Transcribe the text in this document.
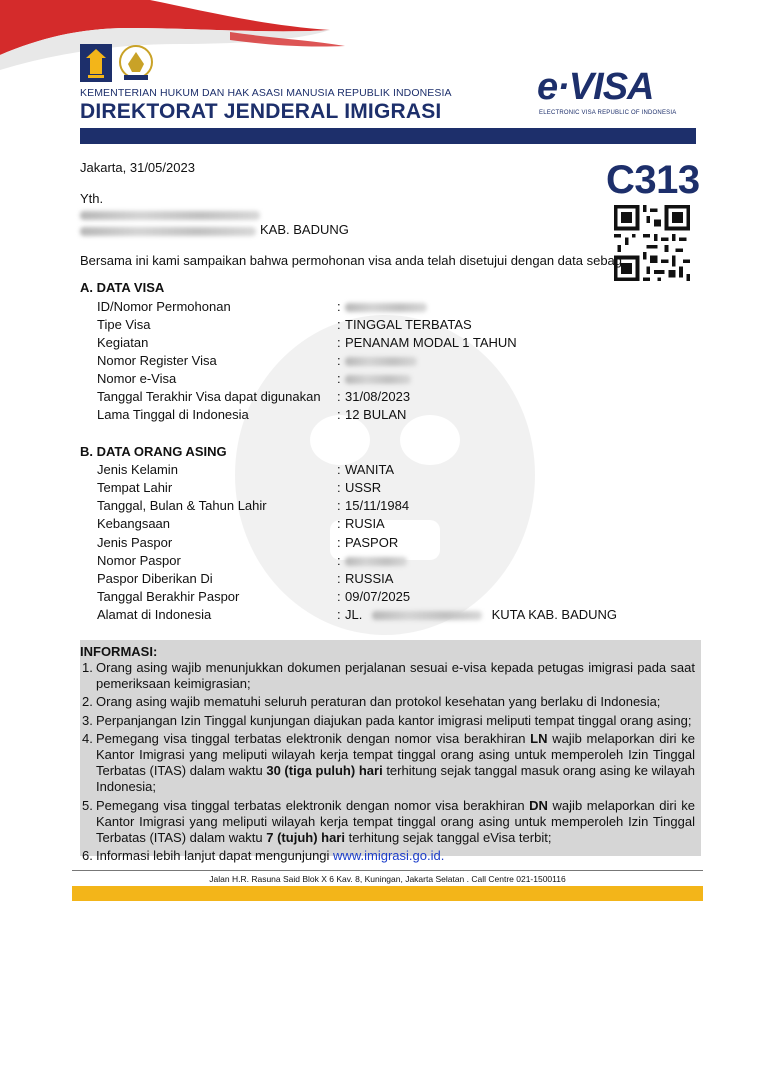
KEMENTERIAN HUKUM DAN HAK ASASI MANUSIA REPUBLIK INDONESIA
DIREKTORAT JENDERAL IMIGRASI
e·VISA
ELECTRONIC VISA REPUBLIC OF INDONESIA
Jakarta, 31/05/2023	C313
Yth.
KAB. BADUNG
Bersama ini kami sampaikan bahwa permohonan visa anda telah disetujui dengan data sebag
A. DATA VISA
ID/Nomor Permohonan	:
Tipe Visa	: TINGGAL TERBATAS
Kegiatan	: PENANAM MODAL 1 TAHUN
Nomor Register Visa	:
Nomor e-Visa	:
Tanggal Terakhir Visa dapat digunakan : 31/08/2023
Lama Tinggal di Indonesia	: 12 BULAN
B. DATA ORANG ASING
Jenis Kelamin	: WANITA
Tempat Lahir	: USSR
Tanggal, Bulan & Tahun Lahir	: 15/11/1984
Kebangsaan	: RUSIA
Jenis Paspor	: PASPOR
Nomor Paspor	:
Paspor Diberikan Di	: RUSSIA
Tanggal Berakhir Paspor	: 09/07/2025
Alamat di Indonesia	: JL.	KUTA KAB. BADUNG
INFORMASI:
1. Orang asing wajib menunjukkan dokumen perjalanan sesuai e-visa kepada petugas imigrasi pada saat pemeriksaan keimigrasian;
2. Orang asing wajib mematuhi seluruh peraturan dan protokol kesehatan yang berlaku di Indonesia;
3. Perpanjangan Izin Tinggal kunjungan diajukan pada kantor imigrasi meliputi tempat tinggal orang asing;
4. Pemegang visa tinggal terbatas elektronik dengan nomor visa berakhiran LN wajib melaporkan diri ke Kantor Imigrasi yang meliputi wilayah kerja tempat tinggal orang asing untuk memperoleh Izin Tinggal Terbatas (ITAS) dalam waktu 30 (tiga puluh) hari terhitung sejak tanggal masuk orang asing ke wilayah Indonesia;
5. Pemegang visa tinggal terbatas elektronik dengan nomor visa berakhiran DN wajib melaporkan diri ke Kantor Imigrasi yang meliputi wilayah kerja tempat tinggal orang asing untuk memperoleh Izin Tinggal Terbatas (ITAS) dalam waktu 7 (tujuh) hari terhitung sejak tanggal eVisa terbit;
6. Informasi lebih lanjut dapat mengunjungi www.imigrasi.go.id.
Jalan H.R. Rasuna Said Blok X 6 Kav. 8, Kuningan, Jakarta Selatan . Call Centre 021-1500116
